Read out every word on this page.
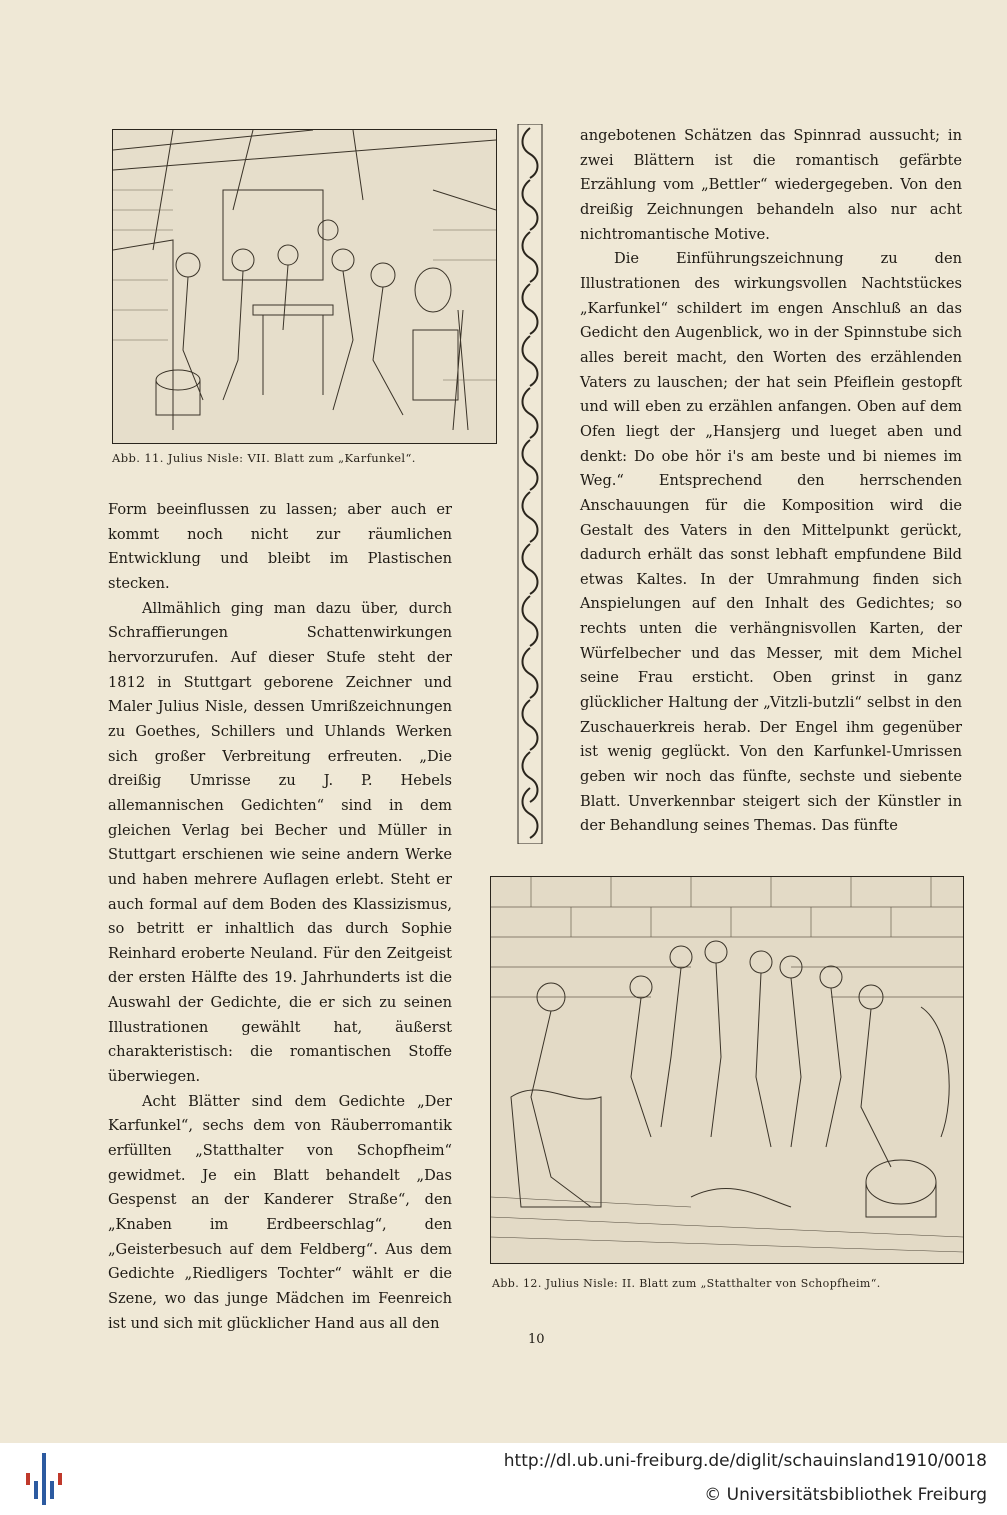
Abb. 11. Julius Nisle: VII. Blatt zum „Karfunkel“.

Form beeinflussen zu lassen; aber auch er kommt noch nicht zur räumlichen Entwicklung und bleibt im Plastischen stecken.

Allmählich ging man dazu über, durch Schraffierungen Schattenwirkungen hervorzurufen. Auf dieser Stufe steht der 1812 in Stuttgart geborene Zeichner und Maler Julius Nisle, dessen Umrißzeichnungen zu Goethes, Schillers und Uhlands Werken sich großer Verbreitung erfreuten. „Die dreißig Umrisse zu J. P. Hebels allemannischen Gedichten“ sind in dem gleichen Verlag bei Becher und Müller in Stuttgart erschienen wie seine andern Werke und haben mehrere Auflagen erlebt. Steht er auch formal auf dem Boden des Klassizismus, so betritt er inhaltlich das durch Sophie Reinhard eroberte Neuland. Für den Zeitgeist der ersten Hälfte des 19. Jahrhunderts ist die Auswahl der Gedichte, die er sich zu seinen Illustrationen gewählt hat, äußerst charakteristisch: die romantischen Stoffe überwiegen.

Acht Blätter sind dem Gedichte „Der Karfunkel“, sechs dem von Räuberromantik erfüllten „Statthalter von Schopfheim“ gewidmet. Je ein Blatt behandelt „Das Gespenst an der Kanderer Straße“, den „Knaben im Erdbeerschlag“, den „Geisterbesuch auf dem Feldberg“. Aus dem Gedichte „Riedligers Tochter“ wählt er die Szene, wo das junge Mädchen im Feenreich ist und sich mit glücklicher Hand aus all den

angebotenen Schätzen das Spinnrad aussucht; in zwei Blättern ist die romantisch gefärbte Erzählung vom „Bettler“ wiedergegeben. Von den dreißig Zeichnungen behandeln also nur acht nichtromantische Motive.

Die Einführungszeichnung zu den Illustrationen des wirkungsvollen Nachtstückes „Karfunkel“ schildert im engen Anschluß an das Gedicht den Augenblick, wo in der Spinnstube sich alles bereit macht, den Worten des erzählenden Vaters zu lauschen; der hat sein Pfeiflein gestopft und will eben zu erzählen anfangen. Oben auf dem Ofen liegt der „Hansjerg und lueget aben und denkt: Do obe hör i's am beste und bi niemes im Weg.“ Entsprechend den herrschenden Anschauungen für die Komposition wird die Gestalt des Vaters in den Mittelpunkt gerückt, dadurch erhält das sonst lebhaft empfundene Bild etwas Kaltes. In der Umrahmung finden sich Anspielungen auf den Inhalt des Gedichtes; so rechts unten die verhängnisvollen Karten, der Würfelbecher und das Messer, mit dem Michel seine Frau ersticht. Oben grinst in ganz glücklicher Haltung der „Vitzli-butzli“ selbst in den Zuschauerkreis herab. Der Engel ihm gegenüber ist wenig geglückt. Von den Karfunkel-Umrissen geben wir noch das fünfte, sechste und siebente Blatt. Unverkennbar steigert sich der Künstler in der Behandlung seines Themas. Das fünfte

Abb. 12. Julius Nisle: II. Blatt zum „Statthalter von Schopfheim“.
10
http://dl.ub.uni-freiburg.de/diglit/schauinsland1910/0018
© Universitätsbibliothek Freiburg
